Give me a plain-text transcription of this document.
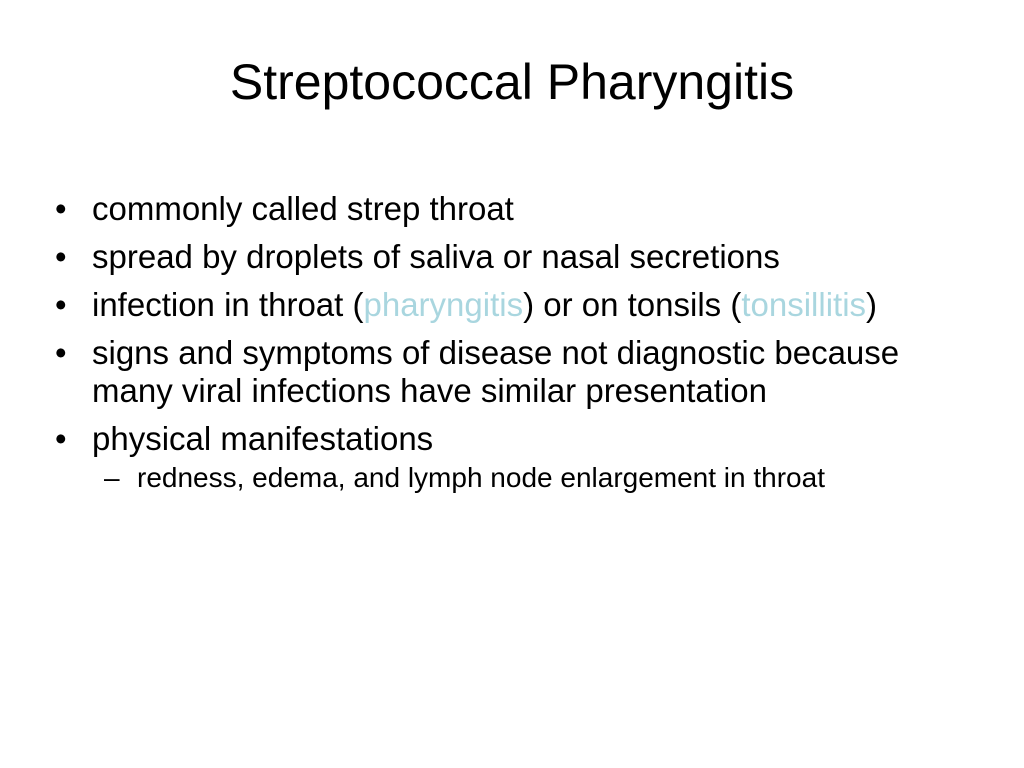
Streptococcal Pharyngitis
• commonly called strep throat
• spread by droplets of saliva or nasal secretions
• infection in throat (pharyngitis) or on tonsils (tonsillitis)
• signs and symptoms of disease not diagnostic because many viral infections have similar presentation
• physical manifestations
– redness, edema, and lymph node enlargement in throat
